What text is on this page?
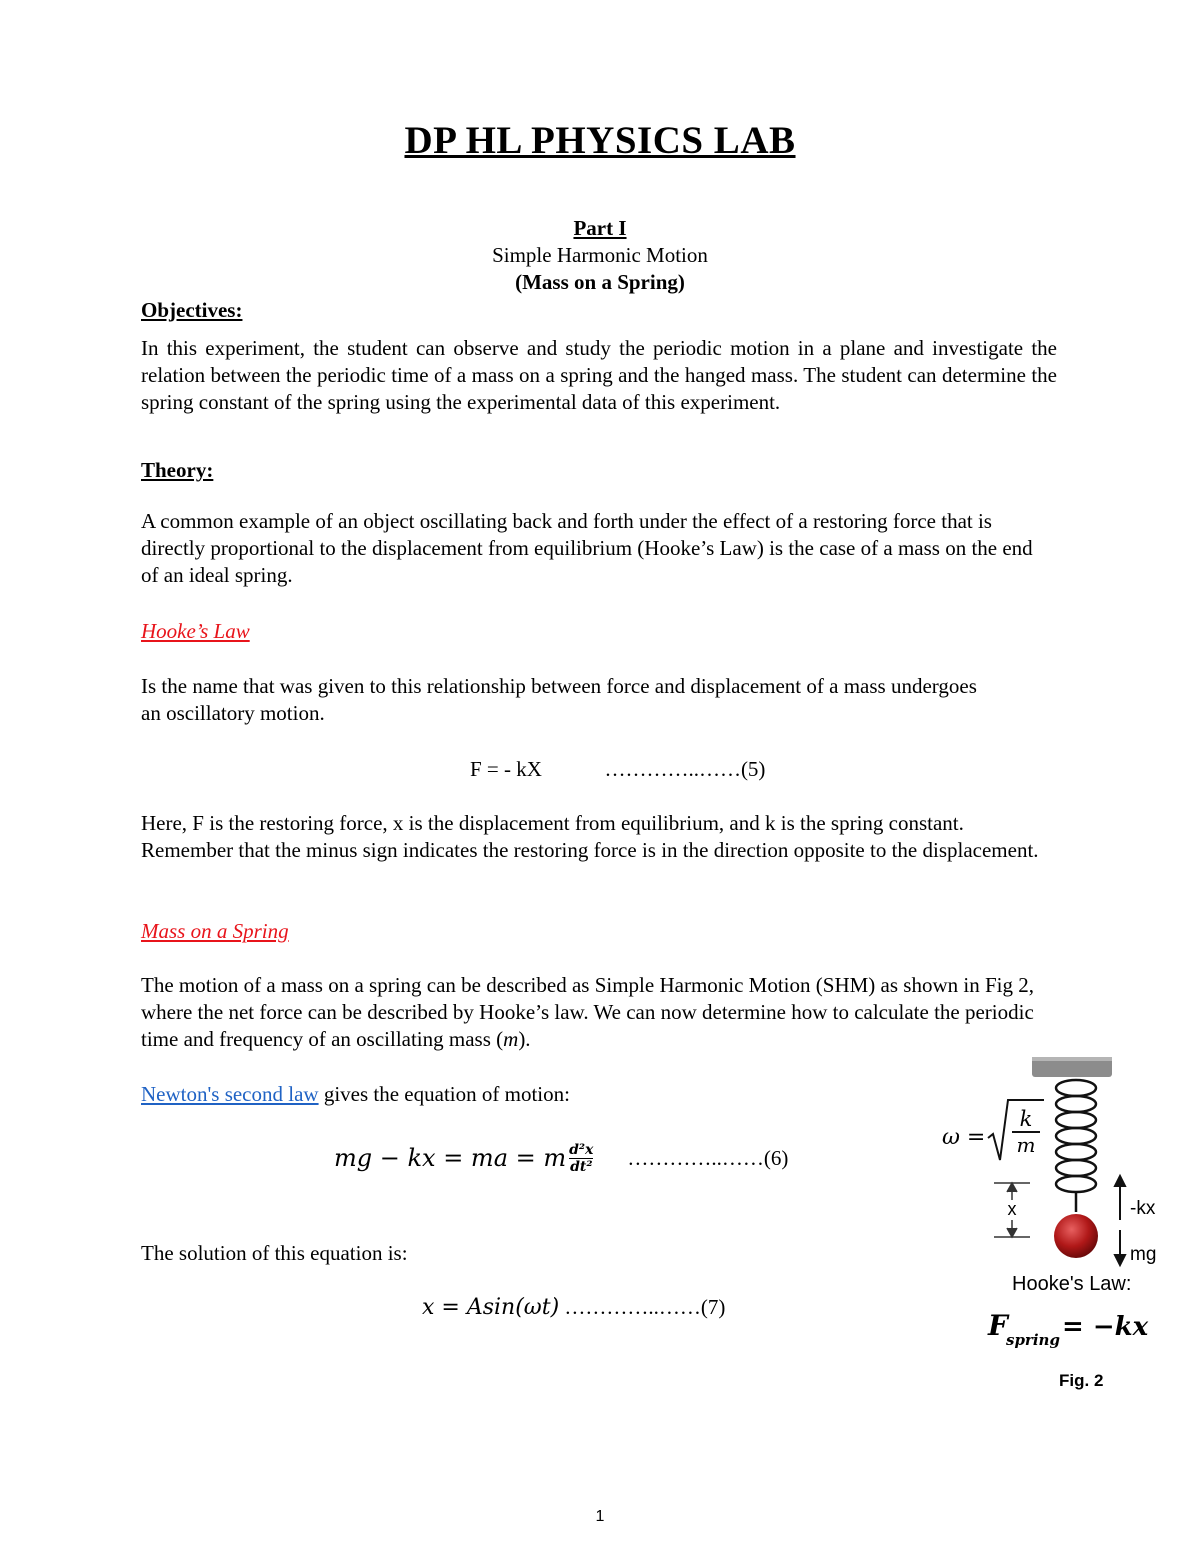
DP HL PHYSICS LAB
Part I
Simple Harmonic Motion
(Mass on a Spring)
Objectives:
In this experiment, the student can observe and study the periodic motion in a plane and investigate the relation between the periodic time of a mass on a spring and the hanged mass. The student can determine the spring constant of the spring using the experimental data of this experiment.
Theory:
A common example of an object oscillating back and forth under the effect of a restoring force that is directly proportional to the displacement from equilibrium (Hooke’s Law) is the case of a mass on the end of an ideal spring.
Hooke’s Law
Is the name that was given to this relationship between force and displacement of a mass undergoes an oscillatory motion.
F = - kX	…………..……(5)
Here, F is the restoring force, x is the displacement from equilibrium, and k is the spring constant. Remember that the minus sign indicates the restoring force is in the direction opposite to the displacement.
Mass on a Spring
The motion of a mass on a spring can be described as Simple Harmonic Motion (SHM) as shown in Fig 2, where the net force can be described by Hooke’s law. We can now determine how to calculate the periodic time and frequency of an oscillating mass (m).
Newton's second law gives the equation of motion:
mg − kx = ma = m d²x
dt² …………..……(6)
The solution of this equation is:
x = Asin(ωt) …………..……(7)
x	-kx
mg
ω =
k
m
Hooke's Law:
F
spring = −kx
Fig. 2
1
